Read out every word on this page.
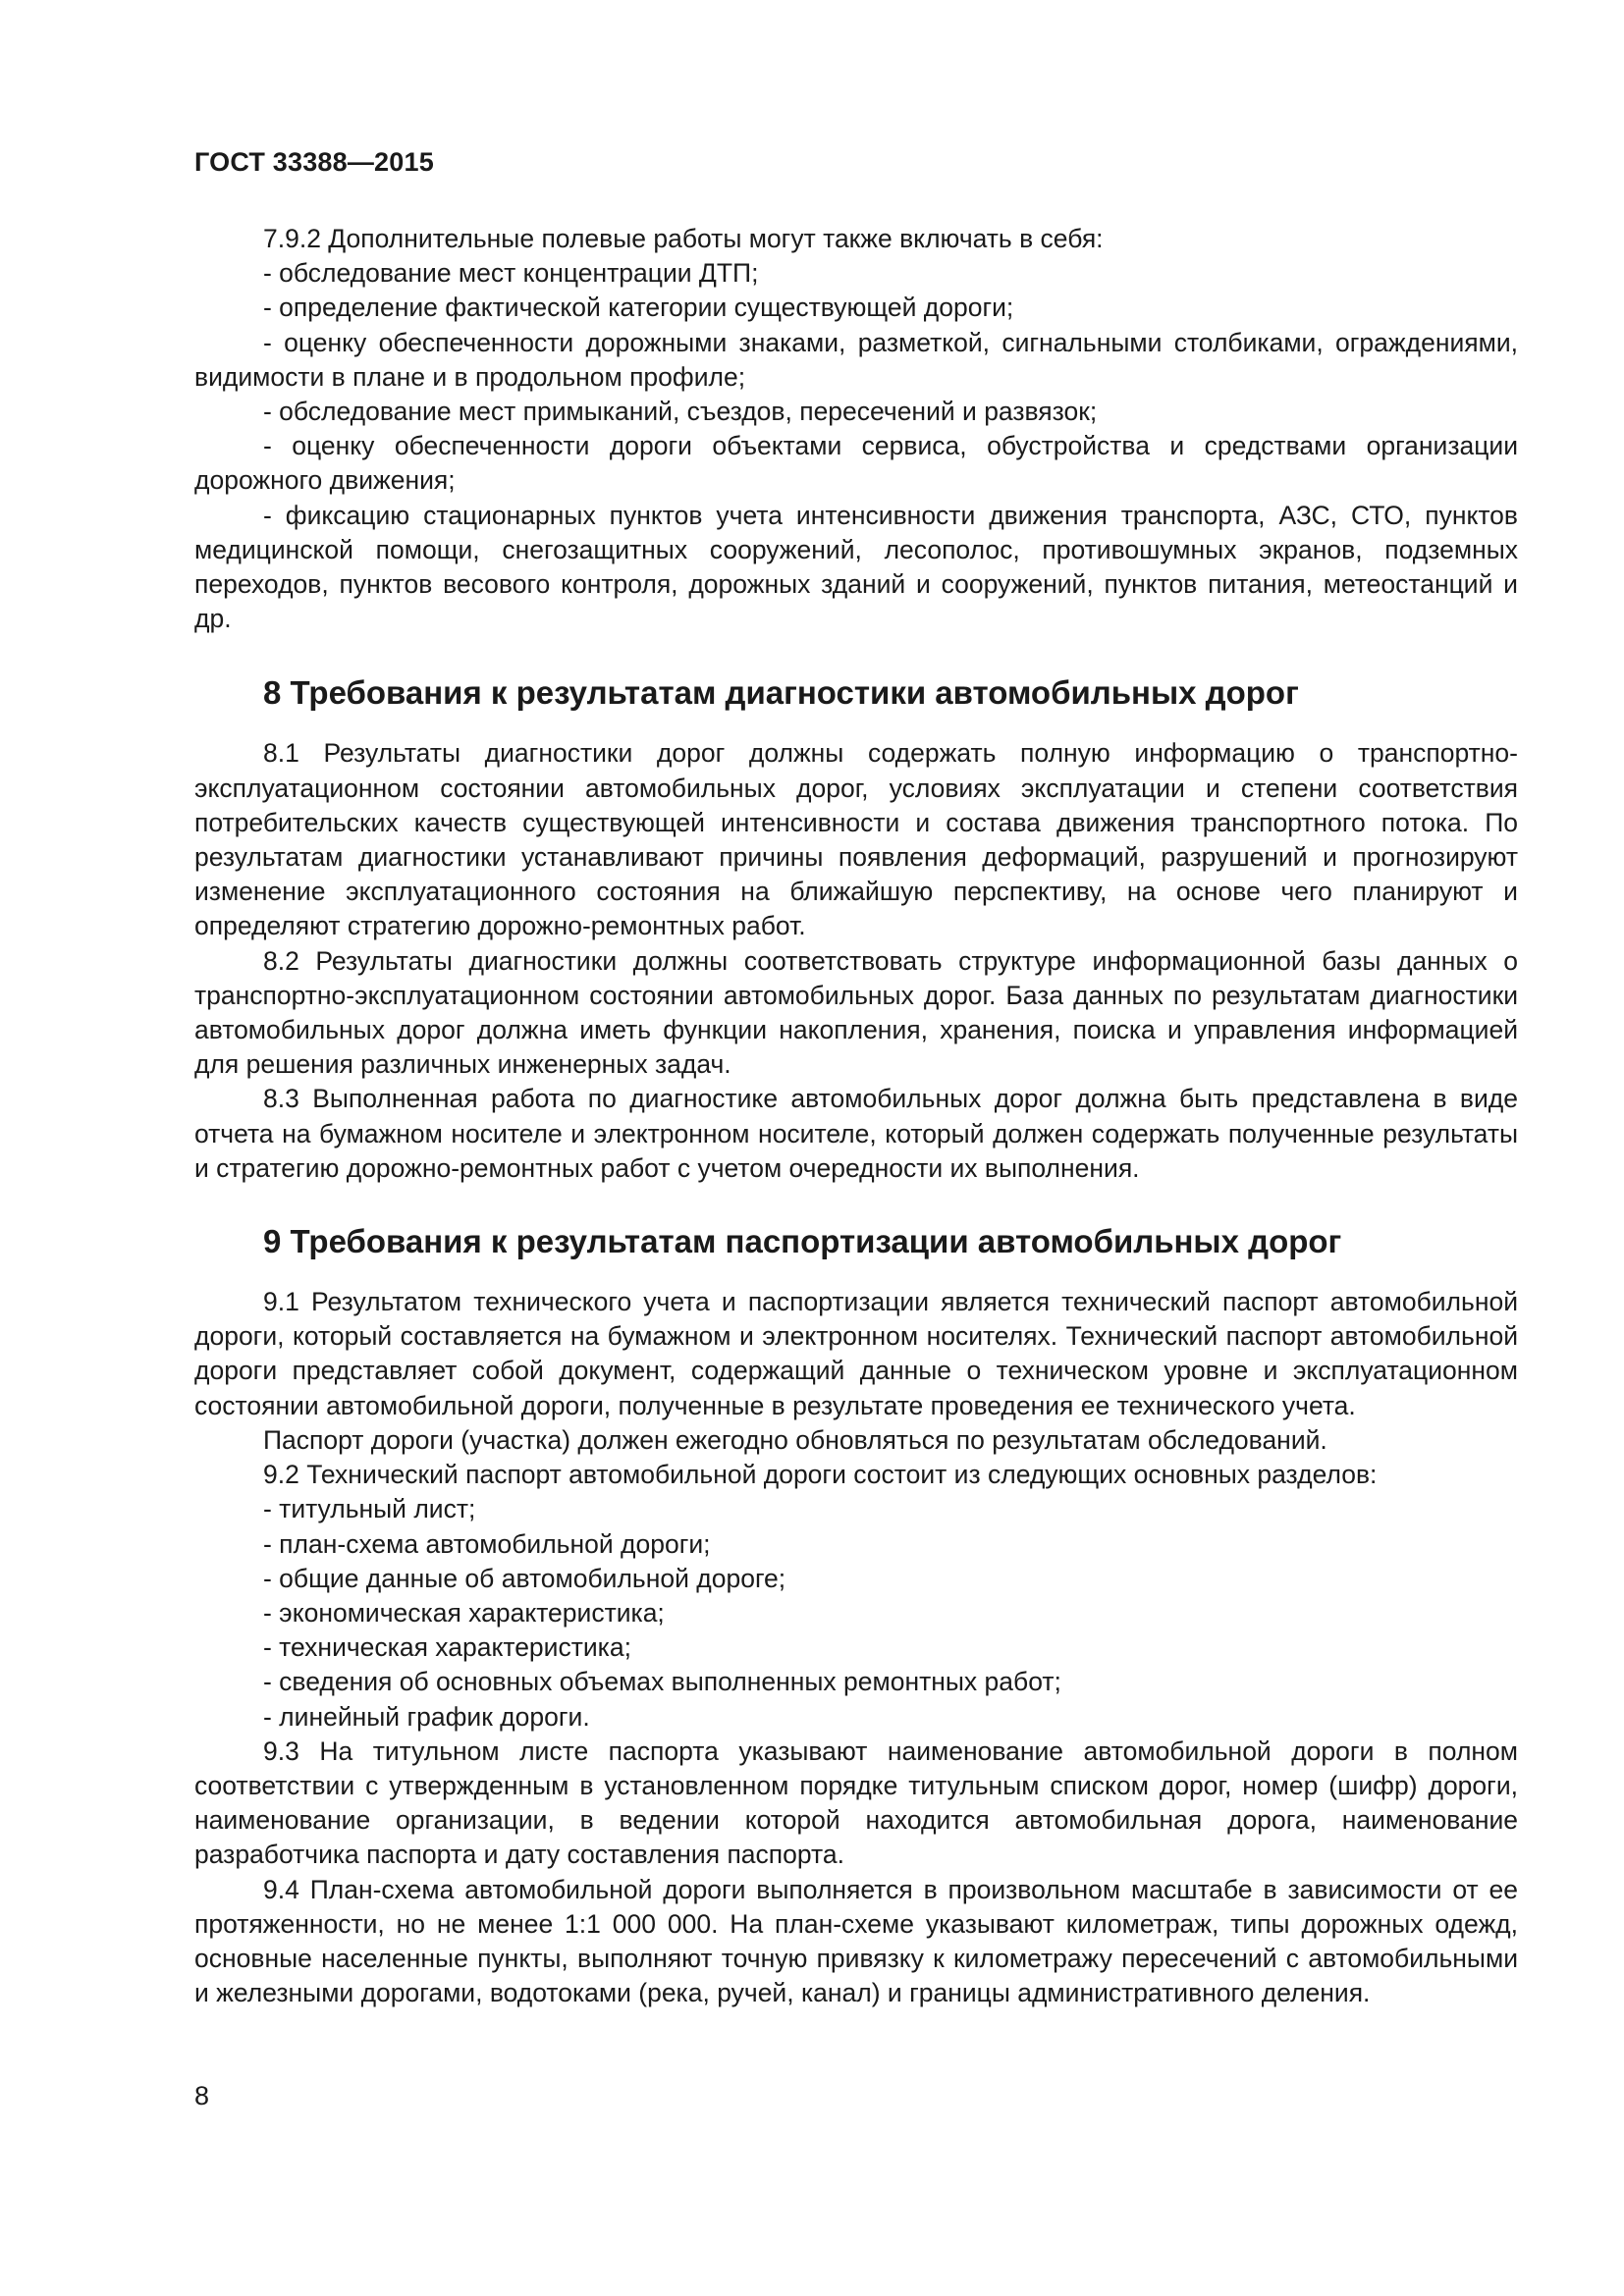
ГОСТ 33388—2015

7.9.2 Дополнительные полевые работы могут также включать в себя:

- обследование мест концентрации ДТП;

- определение фактической категории существующей дороги;

- оценку обеспеченности дорожными знаками, разметкой, сигнальными столбиками, ограждениями, видимости в плане и в продольном профиле;

- обследование мест примыканий, съездов, пересечений и развязок;

- оценку обеспеченности дороги объектами сервиса, обустройства и средствами организации дорожного движения;

- фиксацию стационарных пунктов учета интенсивности движения транспорта, АЗС, СТО, пунктов медицинской помощи, снегозащитных сооружений, лесополос, противошумных экранов, подземных переходов, пунктов весового контроля, дорожных зданий и сооружений, пунктов питания, метеостанций и др.

8 Требования к результатам диагностики автомобильных дорог

8.1 Результаты диагностики дорог должны содержать полную информацию о транспортно-эксплуатационном состоянии автомобильных дорог, условиях эксплуатации и степени соответствия потребительских качеств существующей интенсивности и состава движения транспортного потока. По результатам диагностики устанавливают причины появления деформаций, разрушений и прогнозируют изменение эксплуатационного состояния на ближайшую перспективу, на основе чего планируют и определяют стратегию дорожно-ремонтных работ.

8.2 Результаты диагностики должны соответствовать структуре информационной базы данных о транспортно-эксплуатационном состоянии автомобильных дорог. База данных по результатам диагностики автомобильных дорог должна иметь функции накопления, хранения, поиска и управления информацией для решения различных инженерных задач.

8.3 Выполненная работа по диагностике автомобильных дорог должна быть представлена в виде отчета на бумажном носителе и электронном носителе, который должен содержать полученные результаты и стратегию дорожно-ремонтных работ с учетом очередности их выполнения.

9 Требования к результатам паспортизации автомобильных дорог

9.1 Результатом технического учета и паспортизации является технический паспорт автомобильной дороги, который составляется на бумажном и электронном носителях. Технический паспорт автомобильной дороги представляет собой документ, содержащий данные о техническом уровне и эксплуатационном состоянии автомобильной дороги, полученные в результате проведения ее технического учета.

Паспорт дороги (участка) должен ежегодно обновляться по результатам обследований.

9.2 Технический паспорт автомобильной дороги состоит из следующих основных разделов:

- титульный лист;

- план-схема автомобильной дороги;

- общие данные об автомобильной дороге;

- экономическая характеристика;

- техническая характеристика;

- сведения об основных объемах выполненных ремонтных работ;

- линейный график дороги.

9.3 На титульном листе паспорта указывают наименование автомобильной дороги в полном соответствии с утвержденным в установленном порядке титульным списком дорог, номер (шифр) дороги, наименование организации, в ведении которой находится автомобильная дорога, наименование разработчика паспорта и дату составления паспорта.

9.4 План-схема автомобильной дороги выполняется в произвольном масштабе в зависимости от ее протяженности, но не менее 1:1 000 000. На план-схеме указывают километраж, типы дорожных одежд, основные населенные пункты, выполняют точную привязку к километражу пересечений с автомобильными и железными дорогами, водотоками (река, ручей, канал) и границы административного деления.

8
